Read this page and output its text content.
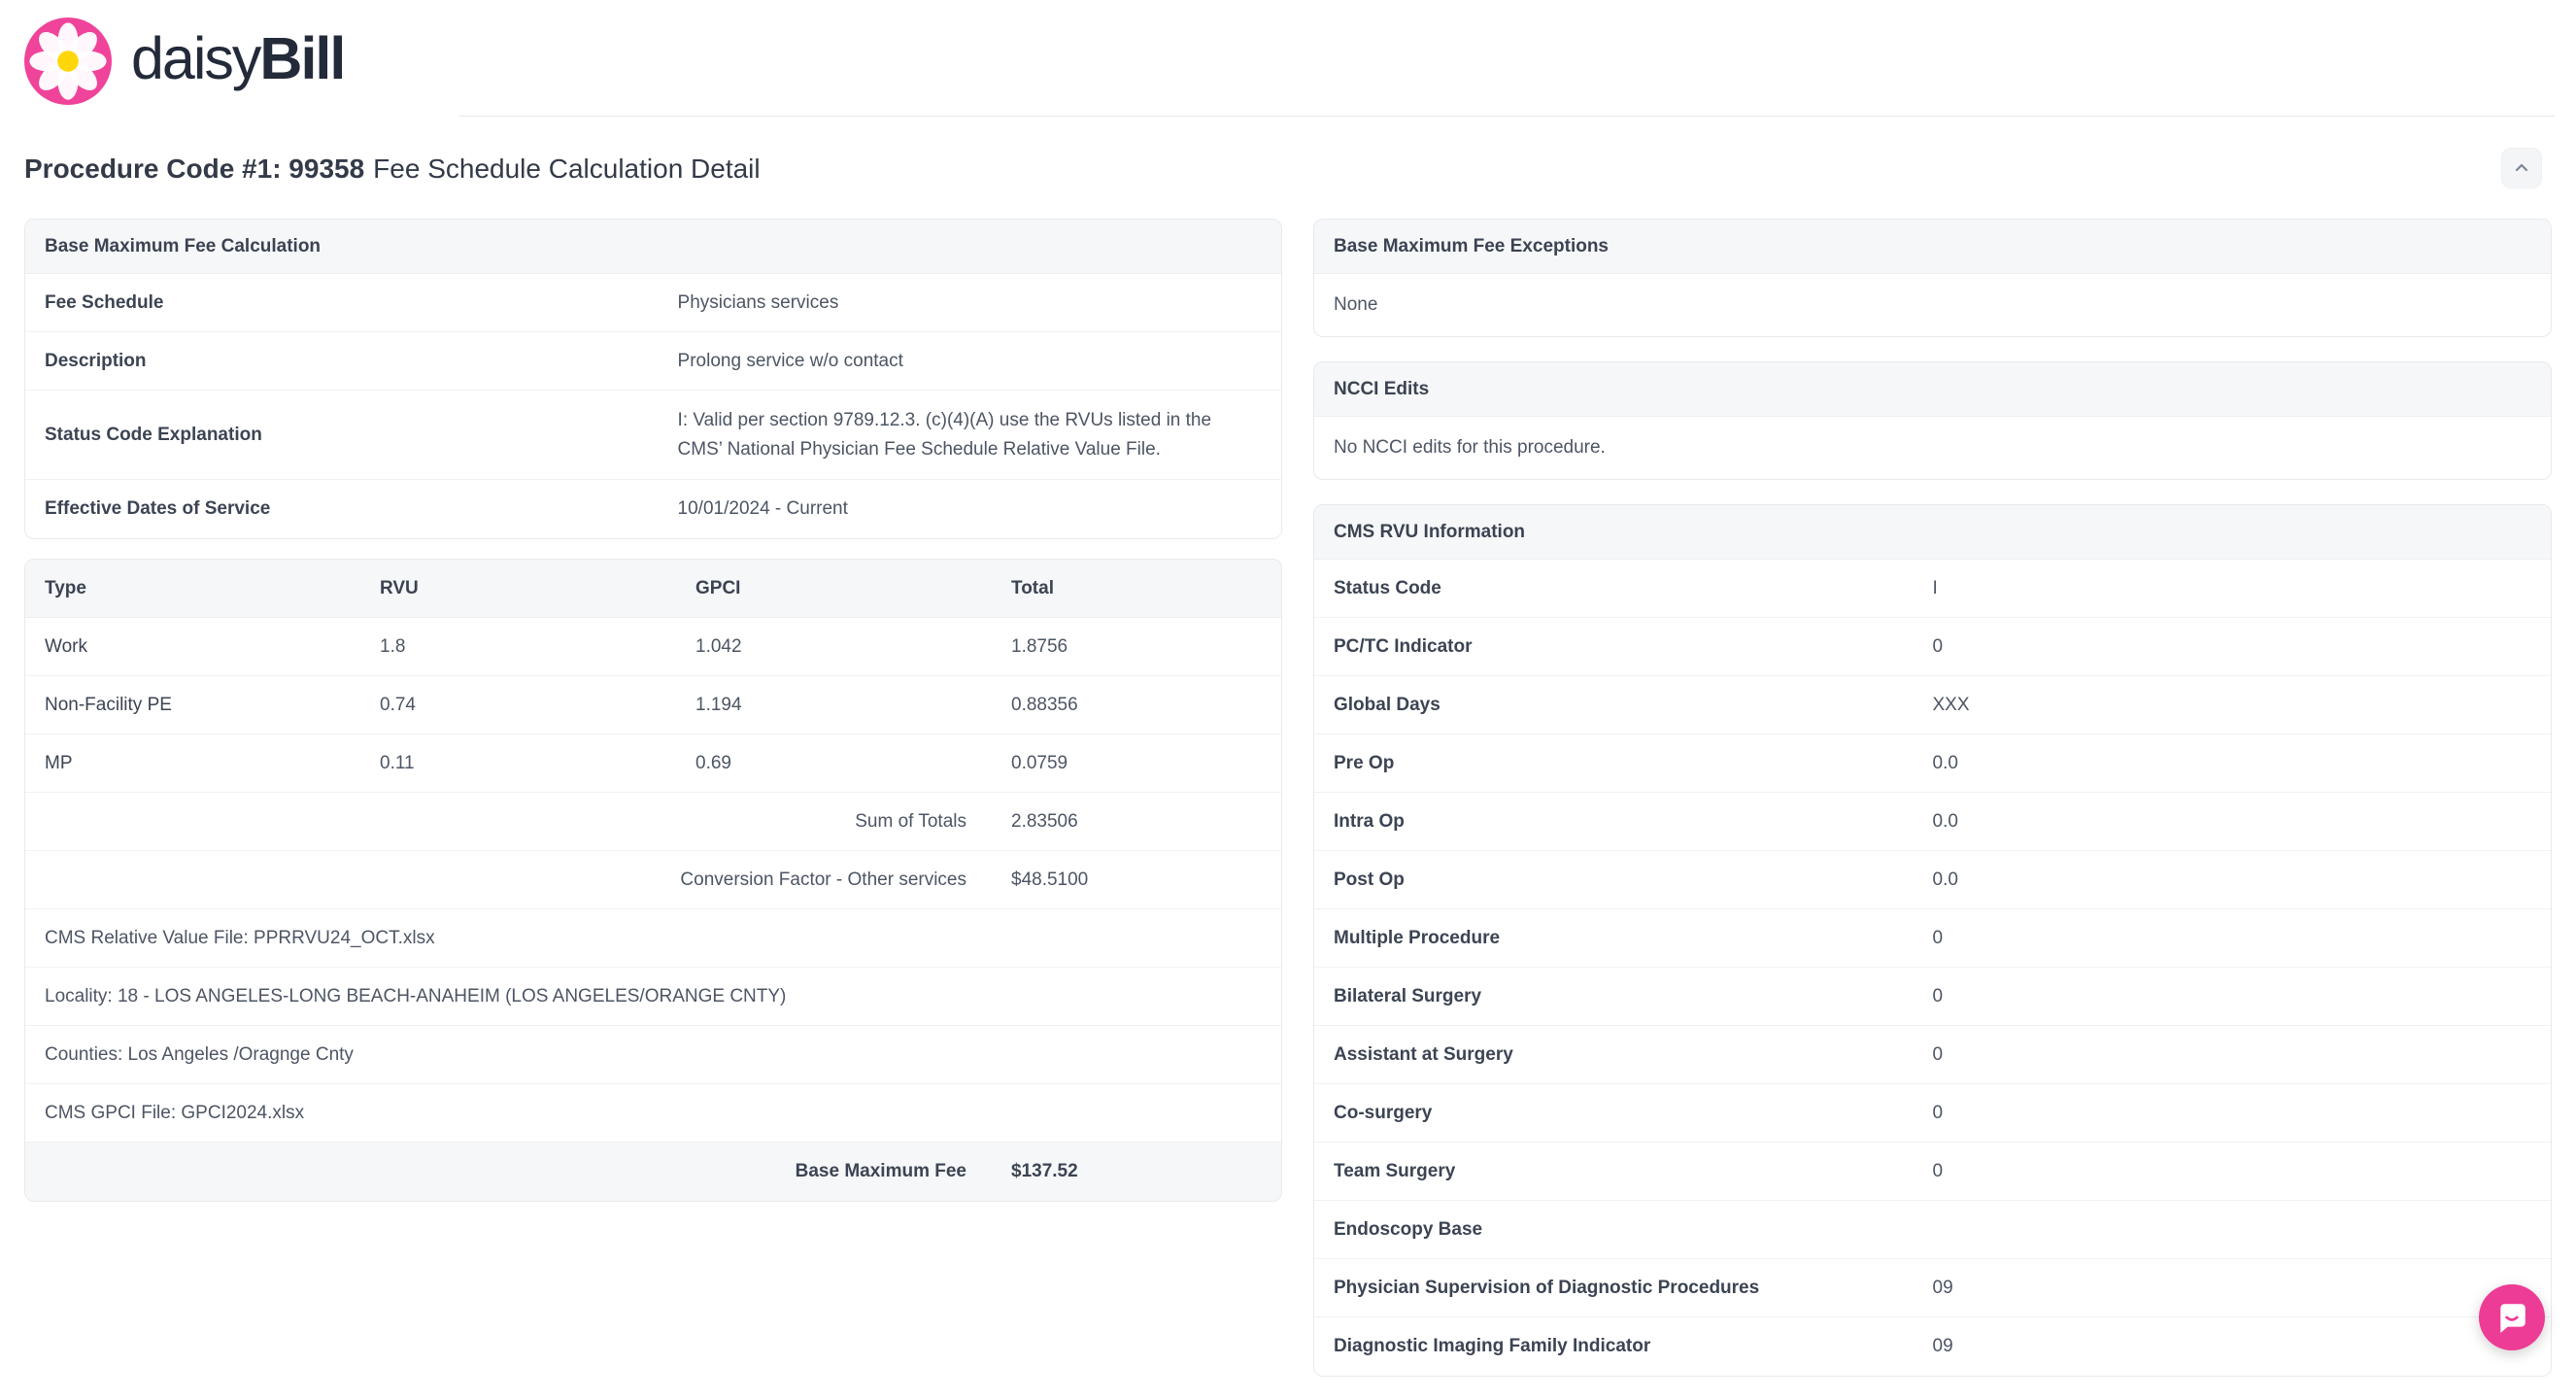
daisyBill
Procedure Code #1: 99358 Fee Schedule Calculation Detail
Base Maximum Fee Calculation
Fee Schedule	Physicians services
Description	Prolong service w/o contact
Status Code Explanation
I: Valid per section 9789.12.3. (c)(4)(A) use the RVUs listed in the CMS’ National Physician Fee Schedule Relative Value File.
Effective Dates of Service	10/01/2024 - Current
Type	RVU	GPCI	Total
Work	1.8	1.042	1.8756
Non-Facility PE	0.74	1.194	0.88356
MP	0.11	0.69	0.0759
Sum of Totals	2.83506
Conversion Factor - Other services	$48.5100
CMS Relative Value File: PPRRVU24_OCT.xlsx
Locality: 18 - LOS ANGELES-LONG BEACH-ANAHEIM (LOS ANGELES/ORANGE CNTY)
Counties: Los Angeles /Oragnge Cnty
CMS GPCI File: GPCI2024.xlsx
Base Maximum Fee	$137.52
Base Maximum Fee Exceptions
None
NCCI Edits
No NCCI edits for this procedure.
CMS RVU Information
Status Code	I
PC/TC Indicator	0
Global Days	XXX
Pre Op	0.0
Intra Op	0.0
Post Op	0.0
Multiple Procedure	0
Bilateral Surgery	0
Assistant at Surgery	0
Co-surgery	0
Team Surgery	0
Endoscopy Base
Physician Supervision of Diagnostic Procedures	09
Diagnostic Imaging Family Indicator	09
